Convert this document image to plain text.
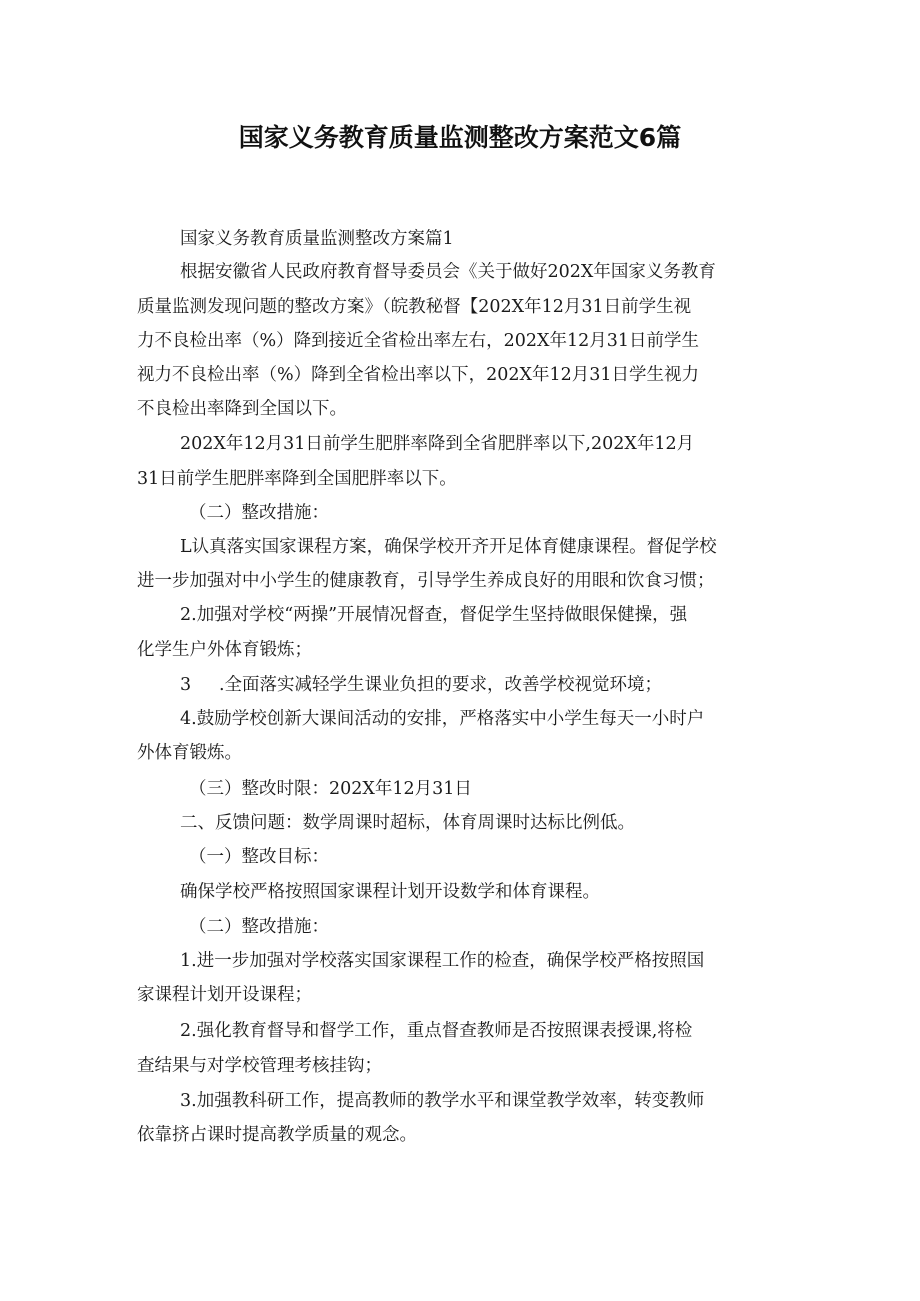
国家义务教育质量监测整改方案范文6篇
国家义务教育质量监测整改方案篇1
根据安徽省人民政府教育督导委员会《关于做好202X年国家义务教育
质量监测发现问题的整改方案》（皖教秘督【202X年12月31日前学生视
力不良检出率（%）降到接近全省检出率左右，202X年12月31日前学生
视力不良检出率（%）降到全省检出率以下，202X年12月31日学生视力
不良检出率降到全国以下。
202X年12月31日前学生肥胖率降到全省肥胖率以下,202X年12月
31日前学生肥胖率降到全国肥胖率以下。
（二）整改措施：
L认真落实国家课程方案，确保学校开齐开足体育健康课程。督促学校
进一步加强对中小学生的健康教育，引导学生养成良好的用眼和饮食习惯；
2.加强对学校“两操”开展情况督查，督促学生坚持做眼保健操，强
化学生户外体育锻炼；
3     .全面落实减轻学生课业负担的要求，改善学校视觉环境；
4.鼓励学校创新大课间活动的安排，严格落实中小学生每天一小时户
外体育锻炼。
（三）整改时限：202X年12月31日
二、反馈问题：数学周课时超标，体育周课时达标比例低。
（一）整改目标：
确保学校严格按照国家课程计划开设数学和体育课程。
（二）整改措施：
1.进一步加强对学校落实国家课程工作的检查，确保学校严格按照国
家课程计划开设课程；
2.强化教育督导和督学工作，重点督查教师是否按照课表授课,将检
查结果与对学校管理考核挂钩；
3.加强教科研工作，提高教师的教学水平和课堂教学效率，转变教师
依靠挤占课时提高教学质量的观念。
